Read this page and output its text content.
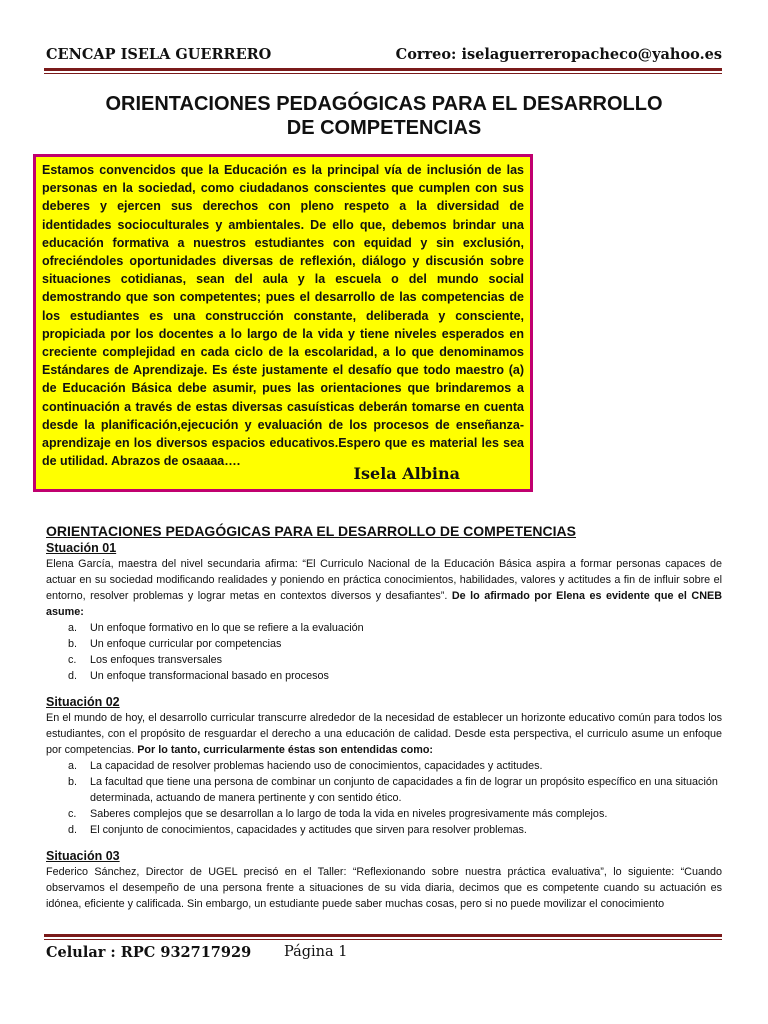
CENCAP ISELA GUERRERO	Correo: iselaguerreropacheco@yahoo.es
ORIENTACIONES PEDAGÓGICAS PARA EL DESARROLLO
DE COMPETENCIAS
Estamos convencidos que la Educación es la principal vía de inclusión de las personas en la sociedad, como ciudadanos conscientes que cumplen con sus deberes y ejercen sus derechos con pleno respeto a la diversidad de identidades socioculturales y ambientales. De ello que, debemos brindar una educación formativa a nuestros estudiantes con equidad y sin exclusión, ofreciéndoles oportunidades diversas de reflexión, diálogo y discusión sobre situaciones cotidianas, sean del aula y la escuela o del mundo social demostrando que son competentes; pues el desarrollo de las competencias de los estudiantes es una construcción constante, deliberada y consciente, propiciada por los docentes a lo largo de la vida y tiene niveles esperados en creciente complejidad en cada ciclo de la escolaridad, a lo que denominamos Estándares de Aprendizaje. Es éste justamente el desafío que todo maestro (a) de Educación Básica debe asumir, pues las orientaciones que brindaremos a continuación a través de estas diversas casuísticas deberán tomarse en cuenta desde la planificación,ejecución y evaluación de los procesos de enseñanza-aprendizaje en los diversos espacios educativos.Espero que es material les sea de utilidad. Abrazos de osaaaa….
Isela Albina

ORIENTACIONES PEDAGÓGICAS PARA EL DESARROLLO DE COMPETENCIAS

Stuación 01

Elena García, maestra del nivel secundaria afirma: “El Curriculo Nacional de la Educación Básica aspira a formar personas capaces de actuar en su sociedad modificando realidades y poniendo en práctica conocimientos, habilidades, valores y actitudes a fin de influir sobre el entorno, resolver problemas y lograr metas en contextos diversos y desafiantes”. De lo afirmado por Elena es evidente que el CNEB asume:

a. Un enfoque formativo en lo que se refiere a la evaluación
b. Un enfoque curricular por competencias
c. Los enfoques transversales
d. Un enfoque transformacional basado en procesos

Situación 02

En el mundo de hoy, el desarrollo curricular transcurre alrededor de la necesidad de establecer un horizonte educativo común para todos los estudiantes, con el propósito de resguardar el derecho a una educación de calidad. Desde esta perspectiva, el curriculo asume un enfoque por competencias. Por lo tanto, curricularmente éstas son entendidas como:

a. La capacidad de resolver problemas haciendo uso de conocimientos, capacidades y actitudes.
b. La facultad que tiene una persona de combinar un conjunto de capacidades a fin de lograr un propósito específico en una situación determinada, actuando de manera pertinente y con sentido ético.
c. Saberes complejos que se desarrollan a lo largo de toda la vida en niveles progresivamente más complejos.
d. El conjunto de conocimientos, capacidades y actitudes que sirven para resolver problemas.

Situación 03

Federico Sánchez, Director de UGEL precisó en el Taller: “Reflexionando sobre nuestra práctica evaluativa”, lo siguiente: “Cuando observamos el desempeño de una persona frente a situaciones de su vida diaria, decimos que es competente cuando su actuación es idónea, eficiente y calificada. Sin embargo, un estudiante puede saber muchas cosas, pero si no puede movilizar el conocimiento

Celular : RPC 932717929 Página 1
